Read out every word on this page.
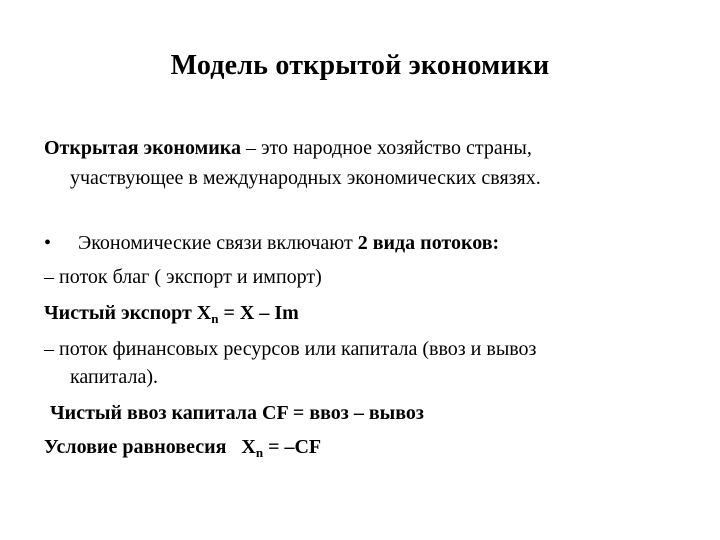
Модель открытой экономики
Открытая экономика – это народное хозяйство страны,
участвующее в международных экономических связях.
• Экономические связи включают 2 вида потоков:
– поток благ ( экспорт и импорт)
Чистый экспорт $X_n = X - Im$
– поток финансовых ресурсов или капитала (ввоз и вывоз
капитала).
Чистый ввоз капитала CF = ввоз – вывоз
Условие равновесия   $X_n = -CF$
